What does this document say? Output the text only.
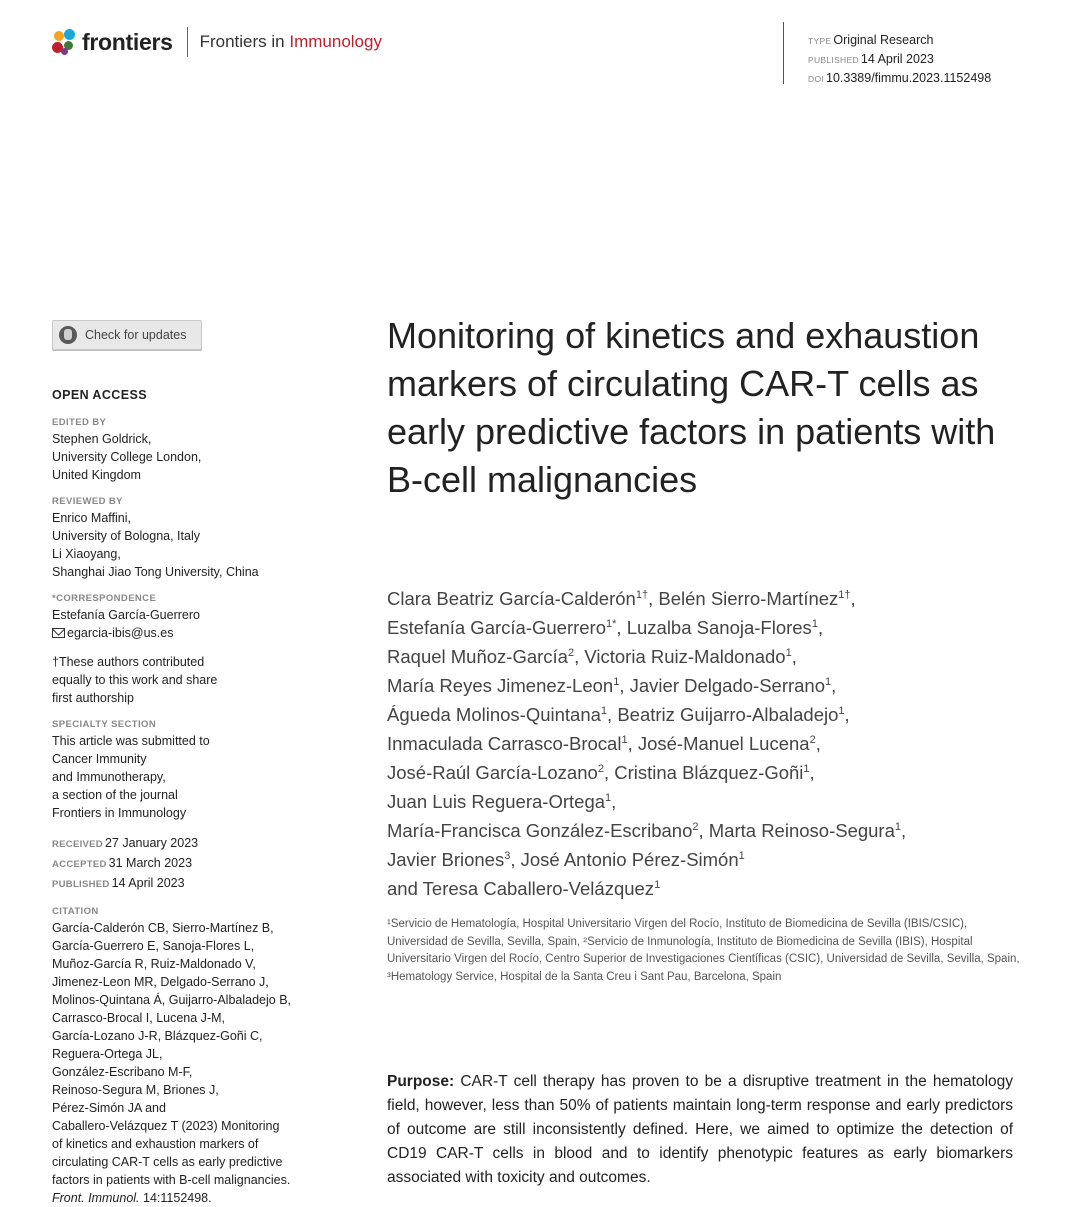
frontiers Frontiers in Immunology	TYPE Original Research
PUBLISHED 14 April 2023
DOI 10.3389/fimmu.2023.1152498
Check for updates
OPEN ACCESS
EDITED BY
Stephen Goldrick,
University College London,
United Kingdom
REVIEWED BY
Enrico Maffini,
University of Bologna, Italy
Li Xiaoyang,
Shanghai Jiao Tong University, China
*CORRESPONDENCE
Estefanía García-Guerrero
egarcia-ibis@us.es
†These authors contributed
equally to this work and share
first authorship
SPECIALTY SECTION
This article was submitted to
Cancer Immunity
and Immunotherapy,
a section of the journal
Frontiers in Immunology
RECEIVED 27 January 2023
ACCEPTED 31 March 2023
PUBLISHED 14 April 2023
CITATION
García-Calderón CB, Sierro-Martínez B,
García-Guerrero E, Sanoja-Flores L,
Muñoz-García R, Ruiz-Maldonado V,
Jimenez-Leon MR, Delgado-Serrano J,
Molinos-Quintana Á, Guijarro-Albaladejo B,
Carrasco-Brocal I, Lucena J-M,
García-Lozano J-R, Blázquez-Goñi C,
Reguera-Ortega JL,
González-Escribano M-F,
Reinoso-Segura M, Briones J,
Pérez-Simón JA and
Caballero-Velázquez T (2023) Monitoring
of kinetics and exhaustion markers of
circulating CAR-T cells as early predictive
factors in patients with B-cell malignancies.
Front. Immunol. 14:1152498.
Monitoring of kinetics and exhaustion markers of circulating CAR-T cells as early predictive factors in patients with B-cell malignancies
Clara Beatriz García-Calderón$^{1\dagger}$, Belén Sierro-Martínez$^{1\dagger}$,
Estefanía García-Guerrero$^{1*}$, Luzalba Sanoja-Flores$^1$,
Raquel Muñoz-García$^2$, Victoria Ruiz-Maldonado$^1$,
María Reyes Jimenez-Leon$^1$, Javier Delgado-Serrano$^1$,
Águeda Molinos-Quintana$^1$, Beatriz Guijarro-Albaladejo$^1$,
Inmaculada Carrasco-Brocal$^1$, José-Manuel Lucena$^2$,
José-Raúl García-Lozano$^2$, Cristina Blázquez-Goñi$^1$,
Juan Luis Reguera-Ortega$^1$,
María-Francisca González-Escribano$^2$, Marta Reinoso-Segura$^1$,
Javier Briones$^3$, José Antonio Pérez-Simón$^1$
and Teresa Caballero-Velázquez$^1$
¹Servicio de Hematología, Hospital Universitario Virgen del Rocío, Instituto de Biomedicina de Sevilla (IBIS/CSIC), Universidad de Sevilla, Sevilla, Spain, ²Servicio de Inmunología, Instituto de Biomedicina de Sevilla (IBIS), Hospital Universitario Virgen del Rocío, Centro Superior de Investigaciones Científicas (CSIC), Universidad de Sevilla, Sevilla, Spain, ³Hematology Service, Hospital de la Santa Creu i Sant Pau, Barcelona, Spain
Purpose: CAR-T cell therapy has proven to be a disruptive treatment in the hematology field, however, less than 50% of patients maintain long-term response and early predictors of outcome are still inconsistently defined. Here, we aimed to optimize the detection of CD19 CAR-T cells in blood and to identify phenotypic features as early biomarkers associated with toxicity and outcomes.
